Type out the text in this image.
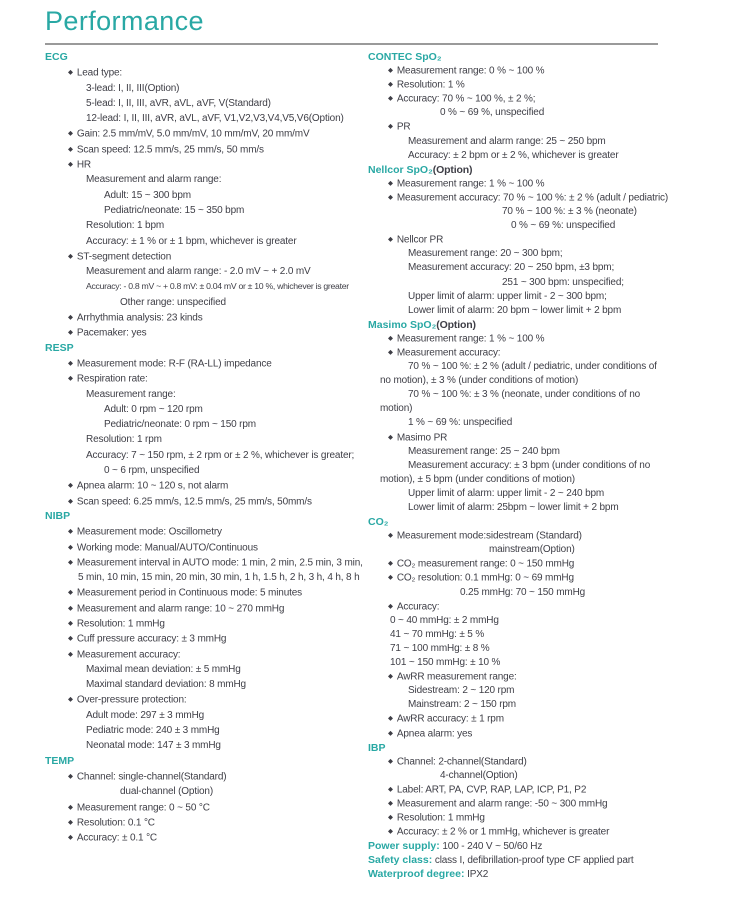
Performance
ECG
◆ Lead type:
3-lead: I, II, III(Option)
5-lead: I, II, III, aVR, aVL, aVF, V(Standard)
12-lead: I, II, III, aVR, aVL, aVF, V1,V2,V3,V4,V5,V6(Option)
◆ Gain: 2.5 mm/mV, 5.0 mm/mV, 10 mm/mV, 20 mm/mV
◆ Scan speed: 12.5 mm/s, 25 mm/s, 50 mm/s
◆ HR
Measurement and alarm range:
Adult: 15 ~ 300 bpm
Pediatric/neonate: 15 ~ 350 bpm
Resolution: 1 bpm
Accuracy: ± 1 % or ± 1 bpm, whichever is greater
◆ ST-segment detection
Measurement and alarm range: - 2.0 mV ~ + 2.0 mV
Accuracy: - 0.8 mV ~ + 0.8 mV: ± 0.04 mV or ± 10 %, whichever is greater
Other range: unspecified
◆ Arrhythmia analysis: 23 kinds
◆ Pacemaker: yes
RESP
◆ Measurement mode: R-F (RA-LL) impedance
◆ Respiration rate:
Measurement range:
Adult: 0 rpm ~ 120 rpm
Pediatric/neonate: 0 rpm ~ 150 rpm
Resolution: 1 rpm
Accuracy: 7 ~ 150 rpm, ± 2 rpm or ± 2 %, whichever is greater;
0 ~ 6 rpm, unspecified
◆ Apnea alarm: 10 ~ 120 s, not alarm
◆ Scan speed: 6.25 mm/s, 12.5 mm/s, 25 mm/s, 50mm/s
NIBP
◆ Measurement mode: Oscillometry
◆ Working mode: Manual/AUTO/Continuous
◆ Measurement interval in AUTO mode: 1 min, 2 min, 2.5 min, 3 min,
5 min, 10 min, 15 min, 20 min, 30 min, 1 h, 1.5 h, 2 h, 3 h, 4 h, 8 h
◆ Measurement period in Continuous mode: 5 minutes
◆ Measurement and alarm range: 10 ~ 270 mmHg
◆ Resolution: 1 mmHg
◆ Cuff pressure accuracy: ± 3 mmHg
◆ Measurement accuracy:
Maximal mean deviation: ± 5 mmHg
Maximal standard deviation: 8 mmHg
◆ Over-pressure protection:
Adult mode: 297 ± 3 mmHg
Pediatric mode: 240 ± 3 mmHg
Neonatal mode: 147 ± 3 mmHg
TEMP
◆ Channel: single-channel(Standard)
dual-channel (Option)
◆ Measurement range: 0 ~ 50 °C
◆ Resolution: 0.1 °C
◆ Accuracy: ± 0.1 °C
CONTEC SpO₂
◆ Measurement range: 0 % ~ 100 %
◆ Resolution: 1 %
◆ Accuracy: 70 % ~ 100 %, ± 2 %;
0 % ~ 69 %, unspecified
◆ PR
Measurement and alarm range: 25 ~ 250 bpm
Accuracy: ± 2 bpm or ± 2 %, whichever is greater
Nellcor SpO₂(Option)
◆ Measurement range: 1 % ~ 100 %
◆ Measurement accuracy: 70 % ~ 100 %: ± 2 % (adult / pediatric)
70 % ~ 100 %: ± 3 % (neonate)
0 % ~ 69 %: unspecified
◆ Nellcor PR
Measurement range: 20 ~ 300 bpm;
Measurement accuracy: 20 ~ 250 bpm, ±3 bpm;
251 ~ 300 bpm: unspecified;
Upper limit of alarm: upper limit - 2 ~ 300 bpm;
Lower limit of alarm: 20 bpm ~ lower limit + 2 bpm
Masimo SpO₂(Option)
◆ Measurement range: 1 % ~ 100 %
◆ Measurement accuracy:
70 % ~ 100 %: ± 2 % (adult / pediatric, under conditions of
no motion), ± 3 % (under conditions of motion)
70 % ~ 100 %: ± 3 % (neonate, under conditions of no
motion)
1 % ~ 69 %: unspecified
◆ Masimo PR
Measurement range: 25 ~ 240 bpm
Measurement accuracy: ± 3 bpm (under conditions of no
motion), ± 5 bpm (under conditions of motion)
Upper limit of alarm: upper limit - 2 ~ 240 bpm
Lower limit of alarm: 25bpm ~ lower limit + 2 bpm
CO₂
◆ Measurement mode:sidestream (Standard)
mainstream(Option)
◆ CO₂ measurement range: 0 ~ 150 mmHg
◆ CO₂ resolution: 0.1 mmHg: 0 ~ 69 mmHg
0.25 mmHg: 70 ~ 150 mmHg
◆ Accuracy:
0 ~ 40 mmHg: ± 2 mmHg
41 ~ 70 mmHg: ± 5 %
71 ~ 100 mmHg: ± 8 %
101 ~ 150 mmHg: ± 10 %
◆ AwRR measurement range:
Sidestream: 2 ~ 120 rpm
Mainstream: 2 ~ 150 rpm
◆ AwRR accuracy: ± 1 rpm
◆ Apnea alarm: yes
IBP
◆ Channel: 2-channel(Standard)
4-channel(Option)
◆ Label: ART, PA, CVP, RAP, LAP, ICP, P1, P2
◆ Measurement and alarm range: -50 ~ 300 mmHg
◆ Resolution: 1 mmHg
◆ Accuracy: ± 2 % or 1 mmHg, whichever is greater
Power supply: 100 - 240 V ~ 50/60 Hz
Safety class: class I, defibrillation-proof type CF applied part
Waterproof degree: IPX2
